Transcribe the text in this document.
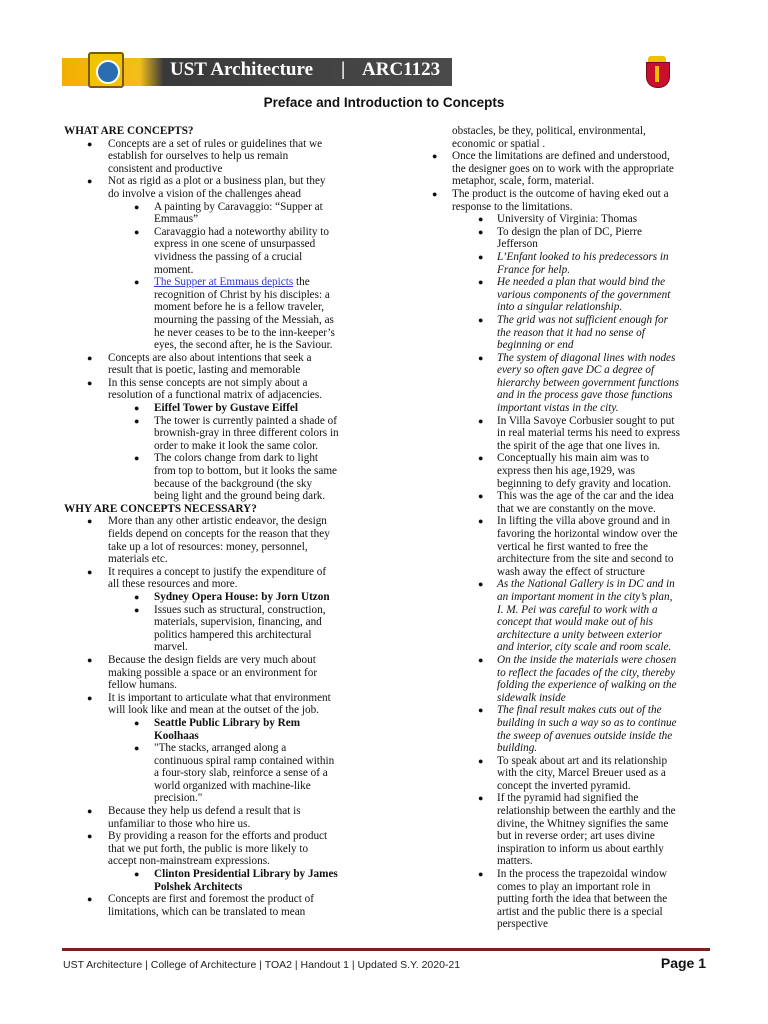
UST Architecture | ARC1123
Preface and Introduction to Concepts
WHAT ARE CONCEPTS?
● Concepts are a set of rules or guidelines that we
establish for ourselves to help us remain
consistent and productive
● Not as rigid as a plot or a business plan, but they
do involve a vision of the challenges ahead
● A painting by Caravaggio: “Supper at
Emmaus”
● Caravaggio had a noteworthy ability to
express in one scene of unsurpassed
vividness the passing of a crucial
moment.
● The Supper at Emmaus depicts the
recognition of Christ by his disciples: a
moment before he is a fellow traveler,
mourning the passing of the Messiah, as
he never ceases to be to the inn-keeper’s
eyes, the second after, he is the Saviour.
● Concepts are also about intentions that seek a
result that is poetic, lasting and memorable
● In this sense concepts are not simply about a
resolution of a functional matrix of adjacencies.
● Eiffel Tower by Gustave Eiffel
● The tower is currently painted a shade of
brownish-gray in three different colors in
order to make it look the same color.
● The colors change from dark to light
from top to bottom, but it looks the same
because of the background (the sky
being light and the ground being dark.
WHY ARE CONCEPTS NECESSARY?
● More than any other artistic endeavor, the design
fields depend on concepts for the reason that they
take up a lot of resources: money, personnel,
materials etc.
● It requires a concept to justify the expenditure of
all these resources and more.
● Sydney Opera House: by Jorn Utzon
● Issues such as structural, construction,
materials, supervision, financing, and
politics hampered this architectural
marvel.
● Because the design fields are very much about
making possible a space or an environment for
fellow humans.
● It is important to articulate what that environment
will look like and mean at the outset of the job.
● Seattle Public Library by Rem
Koolhaas
● "The stacks, arranged along a
continuous spiral ramp contained within
a four-story slab, reinforce a sense of a
world organized with machine-like
precision."
● Because they help us defend a result that is
unfamiliar to those who hire us.
● By providing a reason for the efforts and product
that we put forth, the public is more likely to
accept non-mainstream expressions.
● Clinton Presidential Library by James
Polshek Architects
● Concepts are first and foremost the product of
limitations, which can be translated to mean
obstacles, be they, political, environmental,
economic or spatial .
● Once the limitations are defined and understood,
the designer goes on to work with the appropriate
metaphor, scale, form, material.
● The product is the outcome of having eked out a
response to the limitations.
● University of Virginia: Thomas
● To design the plan of DC, Pierre
Jefferson
● L’Enfant looked to his predecessors in
France for help.
● He needed a plan that would bind the
various components of the government
into a singular relationship.
● The grid was not sufficient enough for
the reason that it had no sense of
beginning or end
● The system of diagonal lines with nodes
every so often gave DC a degree of
hierarchy between government functions
and in the process gave those functions
important vistas in the city.
● In Villa Savoye Corbusier sought to put
in real material terms his need to express
the spirit of the age that one lives in.
● Conceptually his main aim was to
express then his age,1929, was
beginning to defy gravity and location.
● This was the age of the car and the idea
that we are constantly on the move.
● In lifting the villa above ground and in
favoring the horizontal window over the
vertical he first wanted to free the
architecture from the site and second to
wash away the effect of structure
● As the National Gallery is in DC and in
an important moment in the city’s plan,
I. M. Pei was careful to work with a
concept that would make out of his
architecture a unity between exterior
and interior, city scale and room scale.
● On the inside the materials were chosen
to reflect the facades of the city, thereby
folding the experience of walking on the
sidewalk inside
● The final result makes cuts out of the
building in such a way so as to continue
the sweep of avenues outside inside the
building.
● To speak about art and its relationship
with the city, Marcel Breuer used as a
concept the inverted pyramid.
● If the pyramid had signified the
relationship between the earthly and the
divine, the Whitney signifies the same
but in reverse order; art uses divine
inspiration to inform us about earthly
matters.
● In the process the trapezoidal window
comes to play an important role in
putting forth the idea that between the
artist and the public there is a special
perspective
UST Architecture | College of Architecture | TOA2 | Handout 1 | Updated S.Y. 2020-21	Page 1
